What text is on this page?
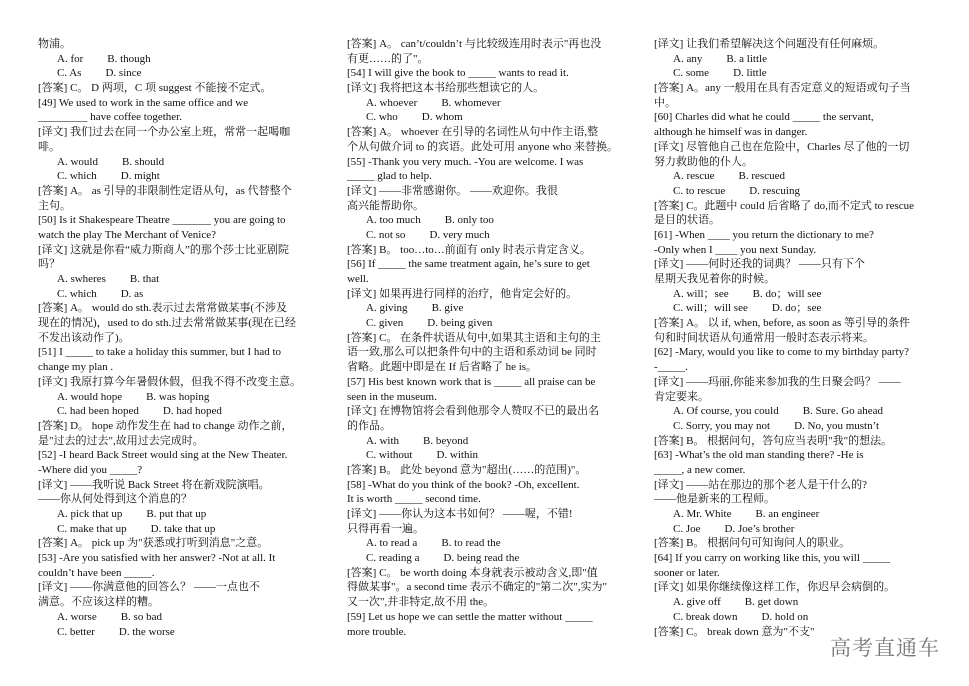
物浦。
A. for B. though
C. As D. since
[答案] C。 D 两项，C 项 suggest 不能接不定式。
[49] We used to work in the same office and we
_________ have coffee together.
[译文] 我们过去在同一个办公室上班，常常一起喝咖
啡。
A. would B. should
C. which D. might
[答案] A。 as 引导的非限制性定语从句，as 代替整个
主句。
[50] Is it Shakespeare Theatre _______ you are going to
watch the play The Merchant of Venice?
[译文] 这就是你看“威力斯商人”的那个莎士比亚剧院
吗？
A. swheres B. that
C. which D. as
[答案] A。 would do sth.表示过去常常做某事(不涉及
现在的情况)，used to do sth.过去常常做某事(现在已经
不发出该动作了)。
[51] I _____ to take a holiday this summer, but I had to
change my plan .
[译文] 我原打算今年暑假休假，但我不得不改变主意。
A. would hope B. was hoping
C. had been hoped D. had hoped
[答案] D。 hope 动作发生在 had to change 动作之前，
是"过去的过去",故用过去完成时。
[52] -I heard Back Street would sing at the New Theater.
-Where did you _____?
[译文] ——我听说 Back Street 将在新戏院演唱。
——你从何处得到这个消息的？
A. pick that up B. put that up
C. make that up D. take that up
[答案] A。 pick up 为"获悉或打听到消息"之意。
[53] -Are you satisfied with her answer? -Not at all. It
couldn’t have been _____.
[译文] ——你满意他的回答么？ ——一点也不
满意。不应该这样的糟。
A. worse B. so bad
C. better D. the worse
[答案] A。 can’t/couldn’t 与比较级连用时表示"再也没
有更……的了"。
[54] I will give the book to _____ wants to read it.
[译文] 我将把这本书给那些想读它的人。
A. whoever B. whomever
C. who D. whom
[答案] A。 whoever 在引导的名词性从句中作主语,整
个从句做介词 to 的宾语。此处可用 anyone who 来替换。
[55] -Thank you very much. -You are welcome. I was
_____ glad to help.
[译文] ——非常感谢你。 ——欢迎你。我很
高兴能帮助你。
A. too much B. only too
C. not so D. very much
[答案] B。 too…to…前面有 only 时表示肯定含义。
[56] If _____ the same treatment again, he’s sure to get
well.
[译文] 如果再进行同样的治疗，他肯定会好的。
A. giving B. give
C. given D. being given
[答案] C。 在条件状语从句中,如果其主语和主句的主
语一致,那么可以把条件句中的主语和系动词 be 同时
省略。此题中即是在 If 后省略了 he is。
[57] His best known work that is _____ all praise can be
seen in the museum.
[译文] 在博物馆将会看到他那令人赞叹不已的最出名
的作品。
A. with B. beyond
C. without D. within
[答案] B。 此处 beyond 意为"超出(……的范围)"。
[58] -What do you think of the book? -Oh, excellent.
It is worth _____ second time.
[译文] ——你认为这本书如何？ ——喔，不错!
只得再看一遍。
A. to read a B. to read the
C. reading a D. being read the
[答案] C。 be worth doing 本身就表示被动含义,即"值
得做某事"。a second time 表示不确定的"第二次",实为"
又一次",并非特定,故不用 the。
[59] Let us hope we can settle the matter without _____
more trouble.
[译文] 让我们希望解决这个问题没有任何麻烦。
A. any B. a little
C. some D. little
[答案] A。any 一般用在具有否定意义的短语或句子当
中。
[60] Charles did what he could _____ the servant,
although he himself was in danger.
[译文] 尽管他自己也在危险中，Charles 尽了他的一切
努力救助他的仆人。
A. rescue B. rescued
C. to rescue D. rescuing
[答案] C。此题中 could 后省略了 do,而不定式 to rescue
是目的状语。
[61] -When ____ you return the dictionary to me?
-Only when I ____ you next Sunday.
[译文] ——何时还我的词典？ ——只有下个
星期天我见着你的时候。
A. will；see B. do；will see
C. will；will see D. do；see
[答案] A。 以 if, when, before, as soon as 等引导的条件
句和时间状语从句通常用一般时态表示将来。
[62] -Mary, would you like to come to my birthday party?
-_____.
[译文] ——玛丽,你能来参加我的生日聚会吗？ ——
肯定要来。
A. Of course, you could B. Sure. Go ahead
C. Sorry, you may not D. No, you mustn’t
[答案] B。 根据问句，答句应当表明"我"的想法。
[63] -What’s the old man standing there? -He is
_____, a new comer.
[译文] ——站在那边的那个老人是干什么的?
——他是新来的工程师。
A. Mr. White B. an engineer
C. Joe D. Joe’s brother
[答案] B。 根据问句可知询问人的职业。
[64] If you carry on working like this, you will _____
sooner or later.
[译文] 如果你继续像这样工作，你迟早会病倒的。
A. give off B. get down
C. break down D. hold on
[答案] C。 break down 意为"不支"
高考直通车
